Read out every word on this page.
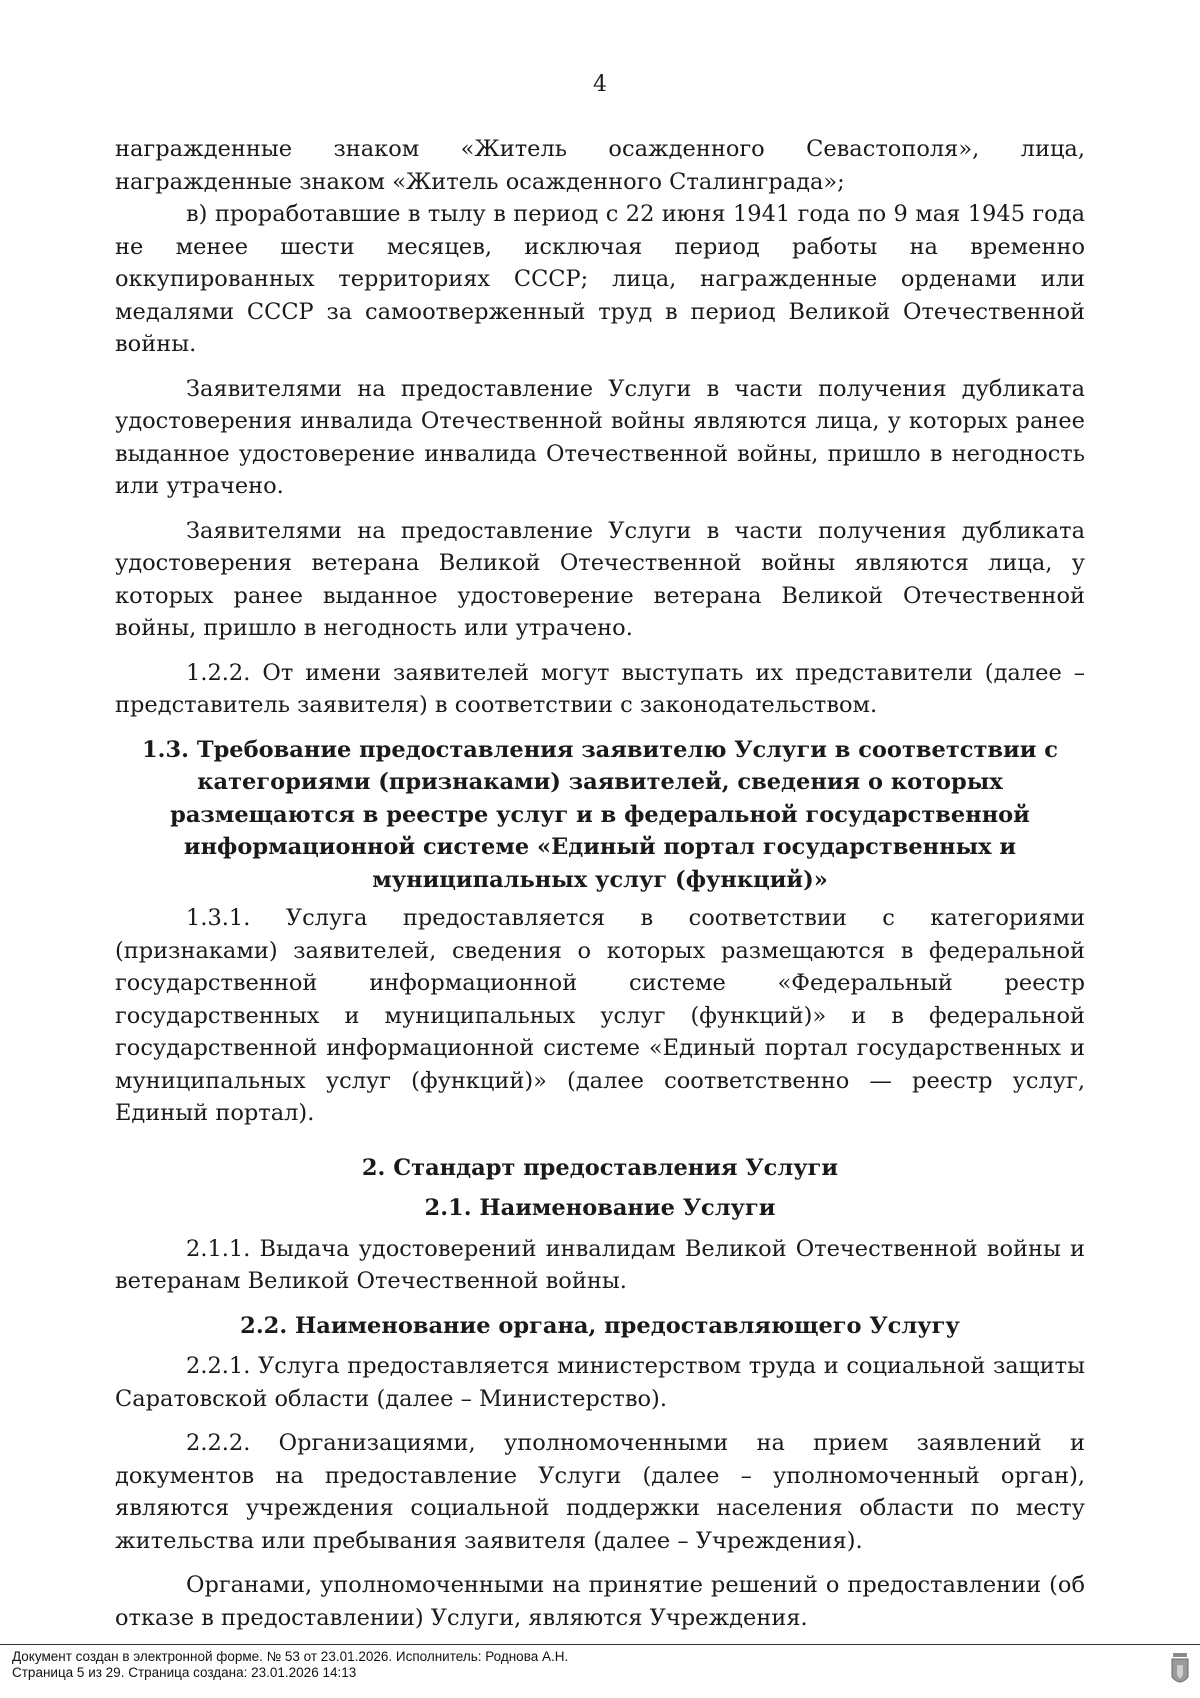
4

награжденные знаком «Житель осажденного Севастополя», лица, награжденные знаком «Житель осажденного Сталинграда»;

в) проработавшие в тылу в период с 22 июня 1941 года по 9 мая 1945 года не менее шести месяцев, исключая период работы на временно оккупированных территориях СССР; лица, награжденные орденами или медалями СССР за самоотверженный труд в период Великой Отечественной войны.

Заявителями на предоставление Услуги в части получения дубликата удостоверения инвалида Отечественной войны являются лица, у которых ранее выданное удостоверение инвалида Отечественной войны, пришло в негодность или утрачено.

Заявителями на предоставление Услуги в части получения дубликата удостоверения ветерана Великой Отечественной войны являются лица, у которых ранее выданное удостоверение ветерана Великой Отечественной войны, пришло в негодность или утрачено.

1.2.2. От имени заявителей могут выступать их представители (далее – представитель заявителя) в соответствии с законодательством.

1.3. Требование предоставления заявителю Услуги в соответствии с категориями (признаками) заявителей, сведения о которых размещаются в реестре услуг и в федеральной государственной информационной системе «Единый портал государственных и муниципальных услуг (функций)»

1.3.1. Услуга предоставляется в соответствии с категориями (признаками) заявителей, сведения о которых размещаются в федеральной государственной информационной системе «Федеральный реестр государственных и муниципальных услуг (функций)» и в федеральной государственной информационной системе «Единый портал государственных и муниципальных услуг (функций)» (далее соответственно — реестр услуг, Единый портал).

2. Стандарт предоставления Услуги
2.1. Наименование Услуги

2.1.1. Выдача удостоверений инвалидам Великой Отечественной войны и ветеранам Великой Отечественной войны.

2.2. Наименование органа, предоставляющего Услугу

2.2.1. Услуга предоставляется министерством труда и социальной защиты Саратовской области (далее – Министерство).

2.2.2. Организациями, уполномоченными на прием заявлений и документов на предоставление Услуги (далее – уполномоченный орган), являются учреждения социальной поддержки населения области по месту жительства или пребывания заявителя (далее – Учреждения).

Органами, уполномоченными на принятие решений о предоставлении (об отказе в предоставлении) Услуги, являются Учреждения.

Документ создан в электронной форме. № 53 от 23.01.2026. Исполнитель: Роднова А.Н.
Страница 5 из 29. Страница создана: 23.01.2026 14:13
